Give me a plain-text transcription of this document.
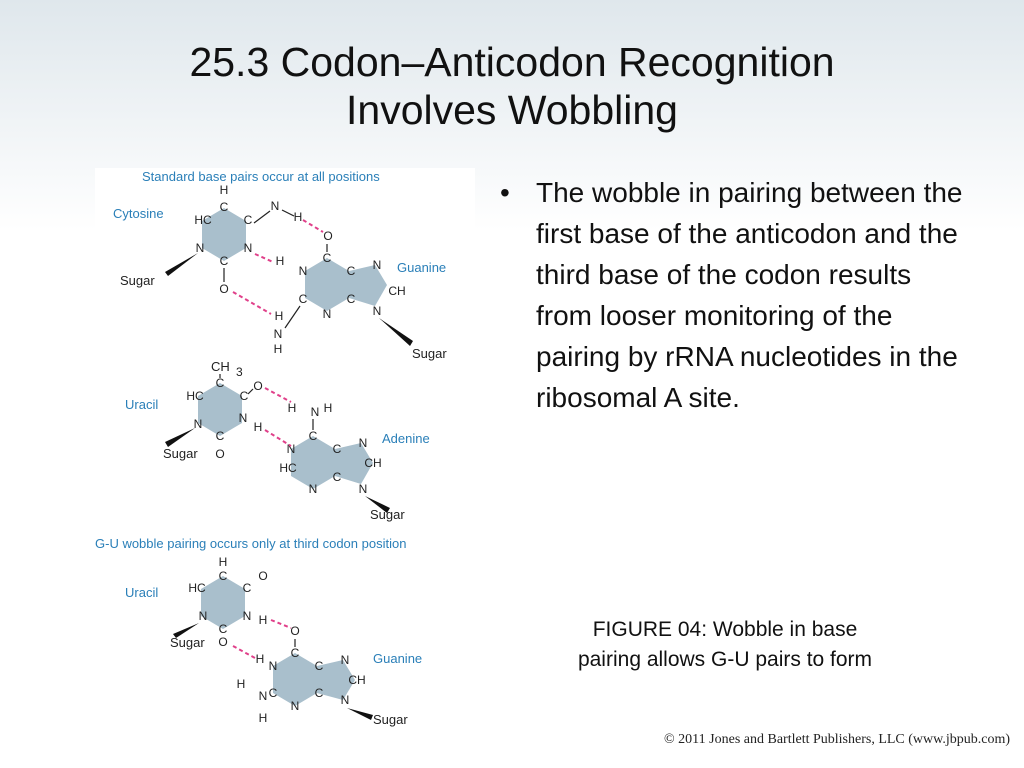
25.3 Codon–Anticodon Recognition
Involves Wobbling
Standard base pairs occur at all positions
H
C
HC	C
N	N
C
O
N
H
H
O
H
H
Sugar
Cytosine
C
N	C N
CH
C	C
N
N
N
Sugar
Guanine
CH 3
C
HC	C
N	N
C
O
O
H
H N H
Sugar
Uracil
C
N	C N
CH
HC
C
N
N
Sugar
Adenine
G-U wobble pairing occurs only at third codon position
H
C
HC	C
O
N	N
C
O
H
Sugar
Uracil
O
C
H N	C N
CH
C	C
N	N
H
N
H	Sugar
Guanine
• The wobble in pairing between the first base of the anticodon and the third base of the codon results from looser monitoring of the pairing by rRNA nucleotides in the ribosomal A site.
FIGURE 04: Wobble in base
pairing allows G-U pairs to form
© 2011 Jones and Bartlett Publishers, LLC (www.jbpub.com)
